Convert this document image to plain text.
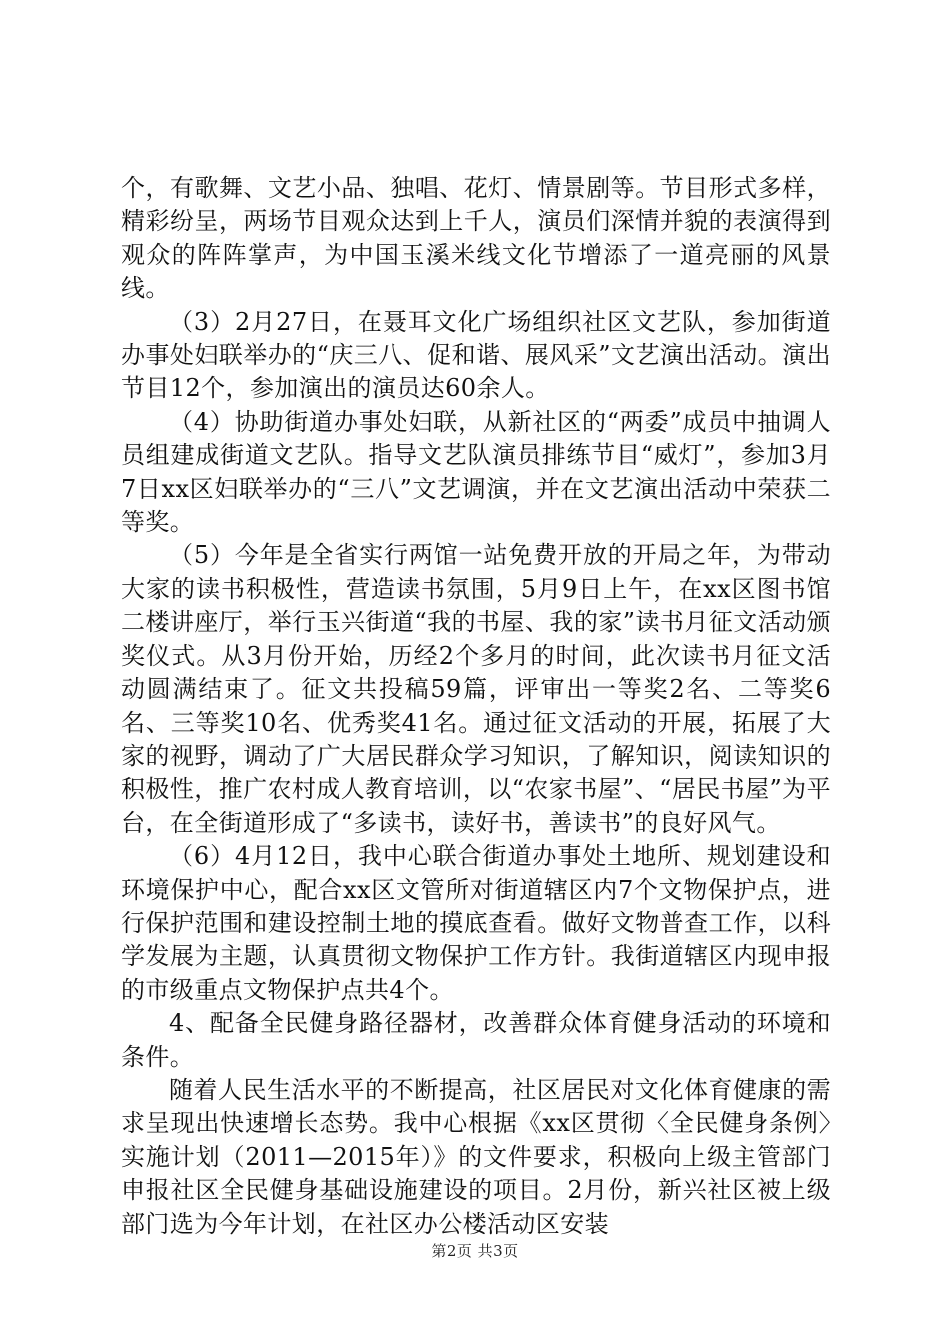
个，有歌舞、文艺小品、独唱、花灯、情景剧等。节目形式多样，精彩纷呈，两场节目观众达到上千人，演员们深情并貌的表演得到观众的阵阵掌声，为中国玉溪米线文化节增添了一道亮丽的风景线。

（3）2月27日，在聂耳文化广场组织社区文艺队，参加街道办事处妇联举办的“庆三八、促和谐、展风采”文艺演出活动。演出节目12个，参加演出的演员达60余人。

（4）协助街道办事处妇联，从新社区的“两委”成员中抽调人员组建成街道文艺队。指导文艺队演员排练节目“威灯”，参加3月7日xx区妇联举办的“三八”文艺调演，并在文艺演出活动中荣获二等奖。

（5）今年是全省实行两馆一站免费开放的开局之年，为带动大家的读书积极性，营造读书氛围，5月9日上午，在xx区图书馆二楼讲座厅，举行玉兴街道“我的书屋、我的家”读书月征文活动颁奖仪式。从3月份开始，历经2个多月的时间，此次读书月征文活动圆满结束了。征文共投稿59篇，评审出一等奖2名、二等奖6名、三等奖10名、优秀奖41名。通过征文活动的开展，拓展了大家的视野，调动了广大居民群众学习知识，了解知识，阅读知识的积极性，推广农村成人教育培训，以“农家书屋”、“居民书屋”为平台，在全街道形成了“多读书，读好书，善读书”的良好风气。

（6）4月12日，我中心联合街道办事处土地所、规划建设和环境保护中心，配合xx区文管所对街道辖区内7个文物保护点，进行保护范围和建设控制土地的摸底查看。做好文物普查工作，以科学发展为主题，认真贯彻文物保护工作方针。我街道辖区内现申报的市级重点文物保护点共4个。

4、配备全民健身路径器材，改善群众体育健身活动的环境和条件。

随着人民生活水平的不断提高，社区居民对文化体育健康的需求呈现出快速增长态势。我中心根据《xx区贯彻〈全民健身条例〉实施计划（2011—2015年）》的文件要求，积极向上级主管部门申报社区全民健身基础设施建设的项目。2月份，新兴社区被上级部门选为今年计划，在社区办公楼活动区安装

第2页 共3页
